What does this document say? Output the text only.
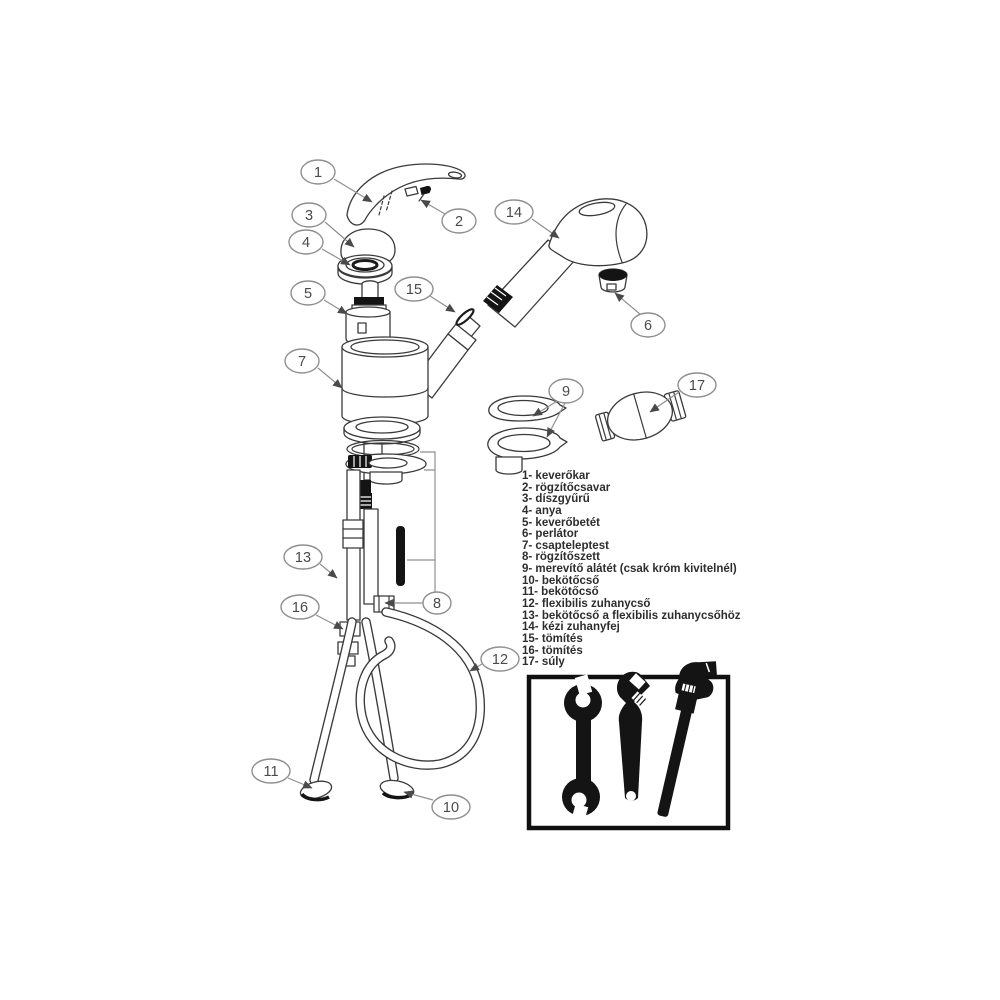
1
2
3
4
5
6
7
8
9
10
11
12
13
14
15
16
17
1- keverőkar
2- rögzítőcsavar
3- díszgyűrű
4- anya
5- keverőbetét
6- perlátor
7- csapteleptest
8- rögzítőszett
9- merevítő alátét (csak króm kivitelnél)
10- bekötőcső
11- bekötőcső
12- flexibilis zuhanycső
13- bekötőcső a flexibilis zuhanycsőhöz
14- kézi zuhanyfej
15- tömítés
16- tömítés
17- súly
